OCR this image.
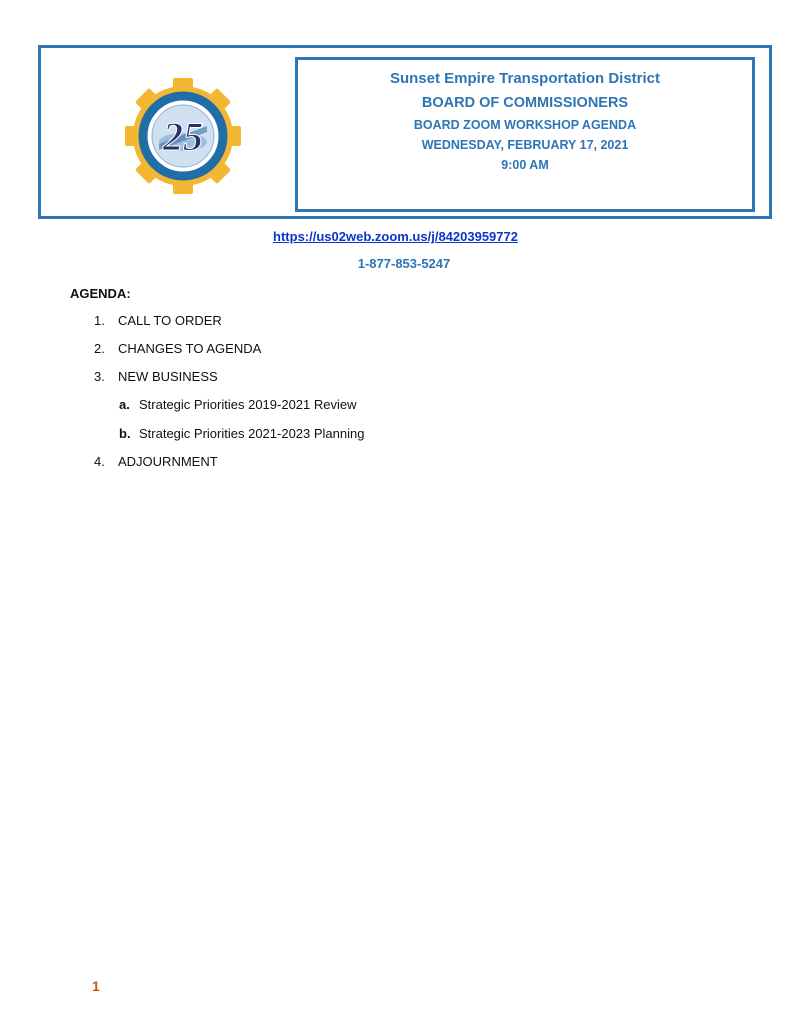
25
Sunset Empire Transportation District
BOARD OF COMMISSIONERS
BOARD ZOOM WORKSHOP AGENDA
WEDNESDAY, FEBRUARY 17, 2021
9:00 AM
https://us02web.zoom.us/j/84203959772
1-877-853-5247
AGENDA:
1. CALL TO ORDER
2. CHANGES TO AGENDA
3. NEW BUSINESS
a. Strategic Priorities 2019-2021 Review
b. Strategic Priorities 2021-2023 Planning
4. ADJOURNMENT
1
